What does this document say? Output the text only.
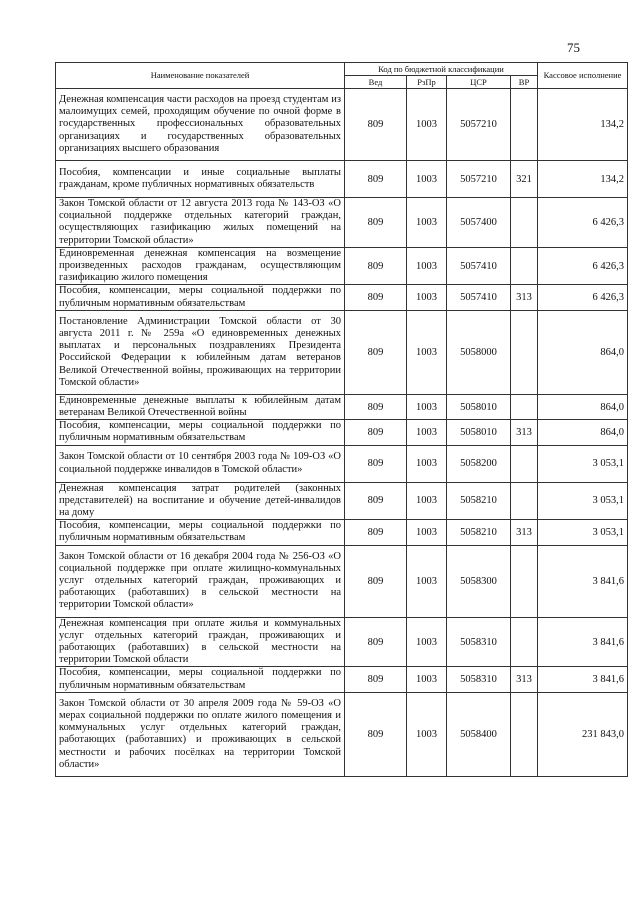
75
Наименование показателей	Код по бюджетной классификации				Кассовое исполнение
	Вед	РзПр	ЦСР	ВР	
Денежная компенсация части расходов на проезд студентам из малоимущих семей, проходящим обучение по очной форме в государственных профессиональных образовательных организациях и государственных образовательных организациях высшего образования	809	1003	5057210		134,2
Пособия, компенсации и иные социальные выплаты гражданам, кроме публичных нормативных обязательств	809	1003	5057210	321	134,2
Закон Томской области от 12 августа 2013 года № 143-ОЗ «О социальной поддержке отдельных категорий граждан, осуществляющих газификацию жилых помещений на территории Томской области»	809	1003	5057400		6 426,3
Единовременная денежная компенсация на возмещение произведенных расходов гражданам, осуществляющим газификацию жилого помещения	809	1003	5057410		6 426,3
Пособия, компенсации, меры социальной поддержки по публичным нормативным обязательствам	809	1003	5057410	313	6 426,3
Постановление Администрации Томской области от 30 августа 2011 г. № 259а «О единовременных денежных выплатах и персональных поздравлениях Президента Российской Федерации к юбилейным датам ветеранов Великой Отечественной войны, проживающих на территории Томской области»	809	1003	5058000		864,0
Единовременные денежные выплаты к юбилейным датам ветеранам Великой Отечественной войны	809	1003	5058010		864,0
Пособия, компенсации, меры социальной поддержки по публичным нормативным обязательствам	809	1003	5058010	313	864,0
Закон Томской области от 10 сентября 2003 года № 109-ОЗ «О социальной поддержке инвалидов в Томской области»	809	1003	5058200		3 053,1
Денежная компенсация затрат родителей (законных представителей) на воспитание и обучение детей-инвалидов на дому	809	1003	5058210		3 053,1
Пособия, компенсации, меры социальной поддержки по публичным нормативным обязательствам	809	1003	5058210	313	3 053,1
Закон Томской области от 16 декабря 2004 года № 256-ОЗ «О социальной поддержке при оплате жилищно-коммунальных услуг отдельных категорий граждан, проживающих и работающих (работавших) в сельской местности на территории Томской области»	809	1003	5058300		3 841,6
Денежная компенсация при оплате жилья и коммунальных услуг отдельных категорий граждан, проживающих и работающих (работавших) в сельской местности на территории Томской области	809	1003	5058310		3 841,6
Пособия, компенсации, меры социальной поддержки по публичным нормативным обязательствам	809	1003	5058310	313	3 841,6
Закон Томской области от 30 апреля 2009 года № 59-ОЗ «О мерах социальной поддержки по оплате жилого помещения и коммунальных услуг отдельных категорий граждан, работающих (работавших) и проживающих в сельской местности и рабочих посёлках на территории Томской области»	809	1003	5058400		231 843,0
